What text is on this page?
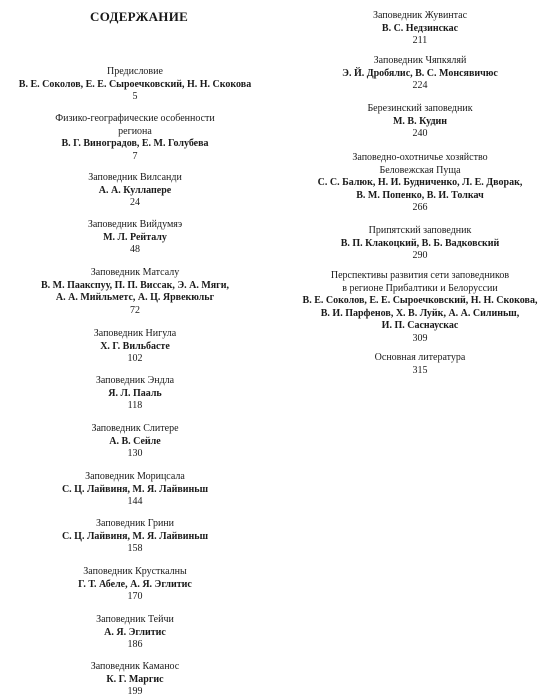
СОДЕРЖАНИЕ
Предисловие
В. Е. Соколов, Е. Е. Сыроечковский, Н. Н. Скокова
5
Физико-географические особенности
региона
В. Г. Виноградов, Е. М. Голубева
7
Заповедник Вилсанди
А. А. Куллапере
24
Заповедник Вийдумяэ
М. Л. Рейталу
48
Заповедник Матсалу
В. М. Паакспуу, П. П. Виссак, Э. А. Мяги,
А. А. Мийльметс, А. Ц. Ярвекюльг
72
Заповедник Нигула
Х. Г. Вильбасте
102
Заповедник Эндла
Я. Л. Пааль
118
Заповедник Слитере
А. В. Сейле
130
Заповедник Морицсала
С. Ц. Лайвиня, М. Я. Лайвиньш
144
Заповедник Грини
С. Ц. Лайвиня, М. Я. Лайвиньш
158
Заповедник Крусткалны
Г. Т. Абеле, А. Я. Эглитис
170
Заповедник Тейчи
А. Я. Эглитис
186
Заповедник Каманос
К. Г. Маргис
199
Заповедник Жувинтас
В. С. Недзинскас
211
Заповедник Чяпкяляй
Э. Й. Дробялис, В. С. Монсявичюс
224
Березинский заповедник
М. В. Кудин
240
Заповедно-охотничье хозяйство
Беловежская Пуща
С. С. Балюк, Н. И. Будниченко, Л. Е. Дворак,
В. М. Попенко, В. И. Толкач
266
Припятский заповедник
В. П. Клакоцкий, В. Б. Вадковский
290
Перспективы развития сети заповедников
в регионе Прибалтики и Белоруссии
В. Е. Соколов, Е. Е. Сыроечковский, Н. Н. Скокова,
В. И. Парфенов, Х. В. Луйк, А. А. Силиньш,
И. П. Саснаускас
309
Основная литература
315
